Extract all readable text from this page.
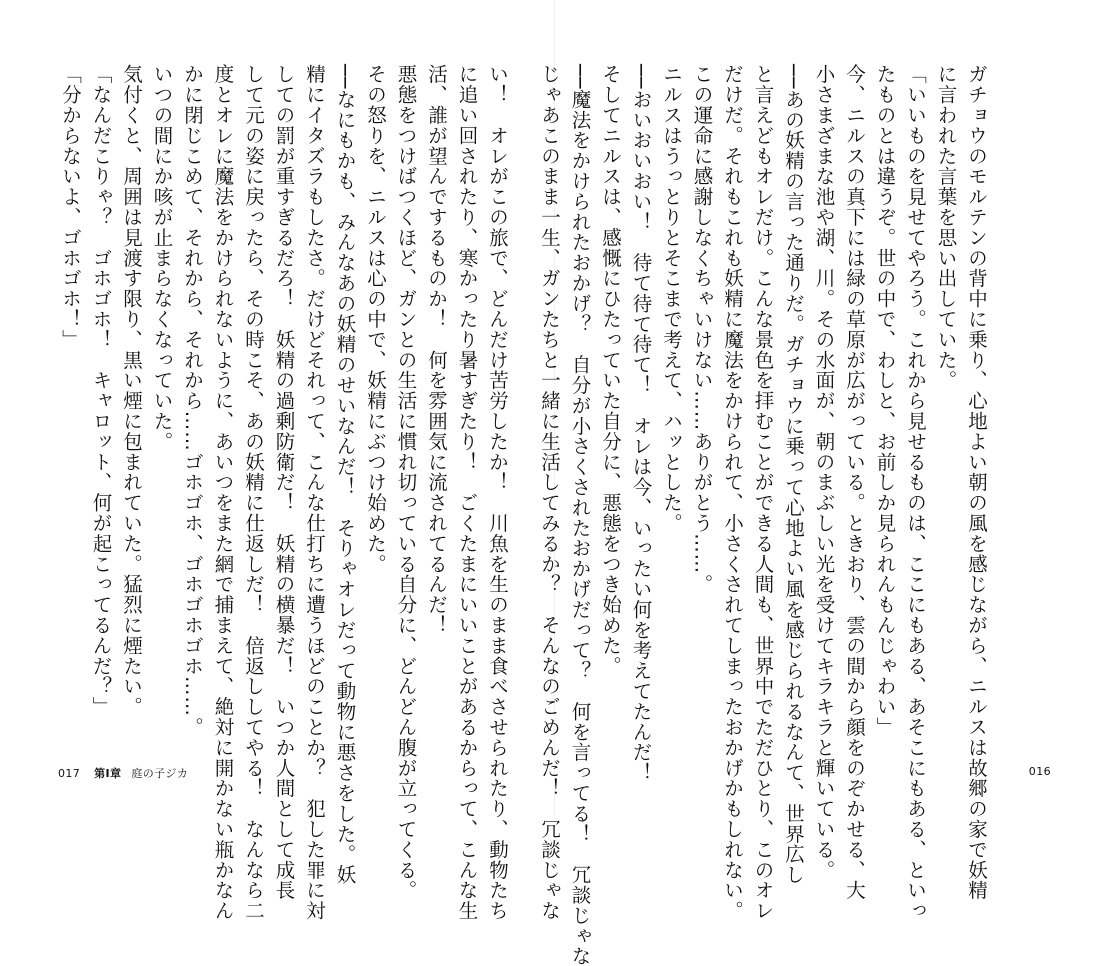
い！　オレがこの旅で、どんだけ苦労したか！　川魚を生のまま食べさせられたり、動物たち

に追い回されたり、寒かったり暑すぎたり！　ごくたまにいいことがあるからって、こんな生

活、誰が望んでするものか！　何を雰囲気に流されてるんだ！

悪態をつけばつくほど、ガンとの生活に慣れ切っている自分に、どんどん腹が立ってくる。

その怒りを、ニルスは心の中で、妖精にぶつけ始めた。

──なにもかも、みんなあの妖精のせいなんだ！　そりゃオレだって動物に悪さをした。妖

精にイタズラもしたさ。だけどそれって、こんな仕打ちに遭うほどのことか？　犯した罪に対

しての罰が重すぎるだろ！　妖精の過剰防衛だ！　妖精の横暴だ！　いつか人間として成長

して元の姿に戻ったら、その時こそ、あの妖精に仕返しだ！　倍返ししてやる！　なんなら二

度とオレに魔法をかけられないように、あいつをまた網で捕まえて、絶対に開かない瓶かなん

かに閉じこめて、それから、それから……ゴホゴホ、ゴホゴホゴホ……。

いつの間にか咳が止まらなくなっていた。

気付くと、周囲は見渡す限り、黒い煙に包まれていた。猛烈に煙たい。

「なんだこりゃ？　ゴホゴホ！　キャロット、何が起こってるんだ？」

「分からないよ、ゴホゴホ！」

017 第Ⅰ章 庭の子ジカ	ガチョウのモルテンの背中に乗り、心地よい朝の風を感じながら、ニルスは故郷の家で妖精

に言われた言葉を思い出していた。

「いいものを見せてやろう。これから見せるものは、ここにもある、あそこにもある、といっ

たものとは違うぞ。世の中で、わしと、お前しか見られんもんじゃわい」

今、ニルスの真下には緑の草原が広がっている。ときおり、雲の間から顔をのぞかせる、大

小さまざまな池や湖、川。その水面が、朝のまぶしい光を受けてキラキラと輝いている。

──あの妖精の言った通りだ。ガチョウに乗って心地よい風を感じられるなんて、世界広し

と言えどもオレだけ。こんな景色を拝むことができる人間も、世界中でただひとり、このオレ

だけだ。それもこれも妖精に魔法をかけられて、小さくされてしまったおかげかもしれない。

この運命に感謝しなくちゃいけない……ありがとう……。

ニルスはうっとりとそこまで考えて、ハッとした。

──おいおいおい！　待て待て待て！　オレは今、いったい何を考えてたんだ！

そしてニルスは、感慨にひたっていた自分に、悪態をつき始めた。

──魔法をかけられたおかげ？　自分が小さくされたおかげだって？　何を言ってる！　冗談じゃな

じゃあこのまま一生、ガンたちと一緒に生活してみるか？　そんなのごめんだ！　冗談じゃな	016
